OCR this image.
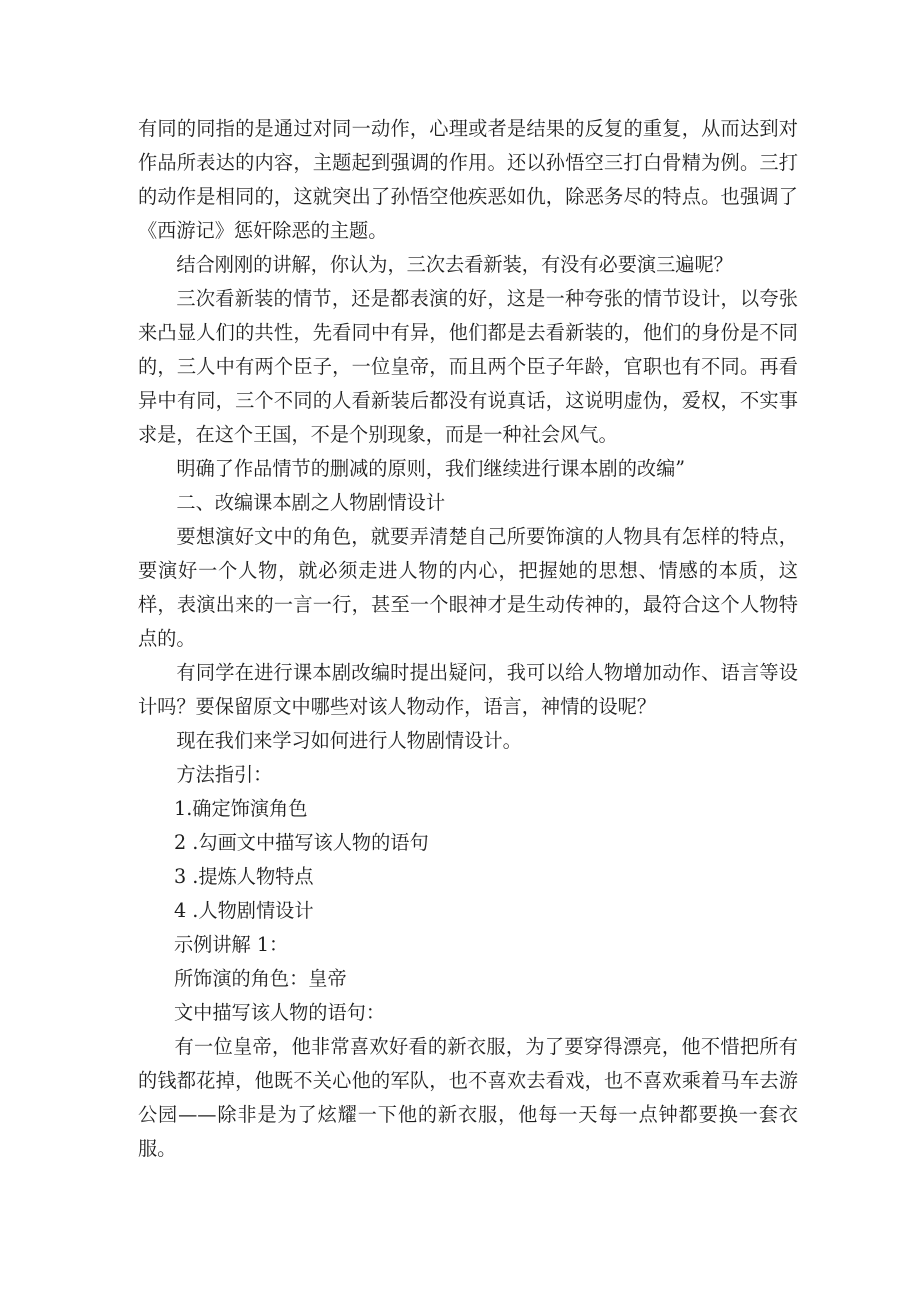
有同的同指的是通过对同一动作，心理或者是结果的反复的重复，从而达到对作品所表达的内容，主题起到强调的作用。还以孙悟空三打白骨精为例。三打的动作是相同的，这就突出了孙悟空他疾恶如仇，除恶务尽的特点。也强调了《西游记》惩奸除恶的主题。

结合刚刚的讲解，你认为，三次去看新装，有没有必要演三遍呢？

三次看新装的情节，还是都表演的好，这是一种夸张的情节设计，以夸张来凸显人们的共性，先看同中有异，他们都是去看新装的，他们的身份是不同的，三人中有两个臣子，一位皇帝，而且两个臣子年龄，官职也有不同。再看异中有同，三个不同的人看新装后都没有说真话，这说明虚伪，爱权，不实事求是，在这个王国，不是个别现象，而是一种社会风气。

明确了作品情节的删减的原则，我们继续进行课本剧的改编”

二、改编课本剧之人物剧情设计

要想演好文中的角色，就要弄清楚自己所要饰演的人物具有怎样的特点，要演好一个人物，就必须走进人物的内心，把握她的思想、情感的本质，这样，表演出来的一言一行，甚至一个眼神才是生动传神的，最符合这个人物特点的。

有同学在进行课本剧改编时提出疑问，我可以给人物增加动作、语言等设计吗？要保留原文中哪些对该人物动作，语言，神情的设呢？

现在我们来学习如何进行人物剧情设计。

方法指引：

1.确定饰演角色

2 .勾画文中描写该人物的语句

3 .提炼人物特点

4 .人物剧情设计

示例讲解 1：

所饰演的角色：皇帝

文中描写该人物的语句：

有一位皇帝，他非常喜欢好看的新衣服，为了要穿得漂亮，他不惜把所有的钱都花掉，他既不关心他的军队，也不喜欢去看戏，也不喜欢乘着马车去游公园——除非是为了炫耀一下他的新衣服，他每一天每一点钟都要换一套衣服。
